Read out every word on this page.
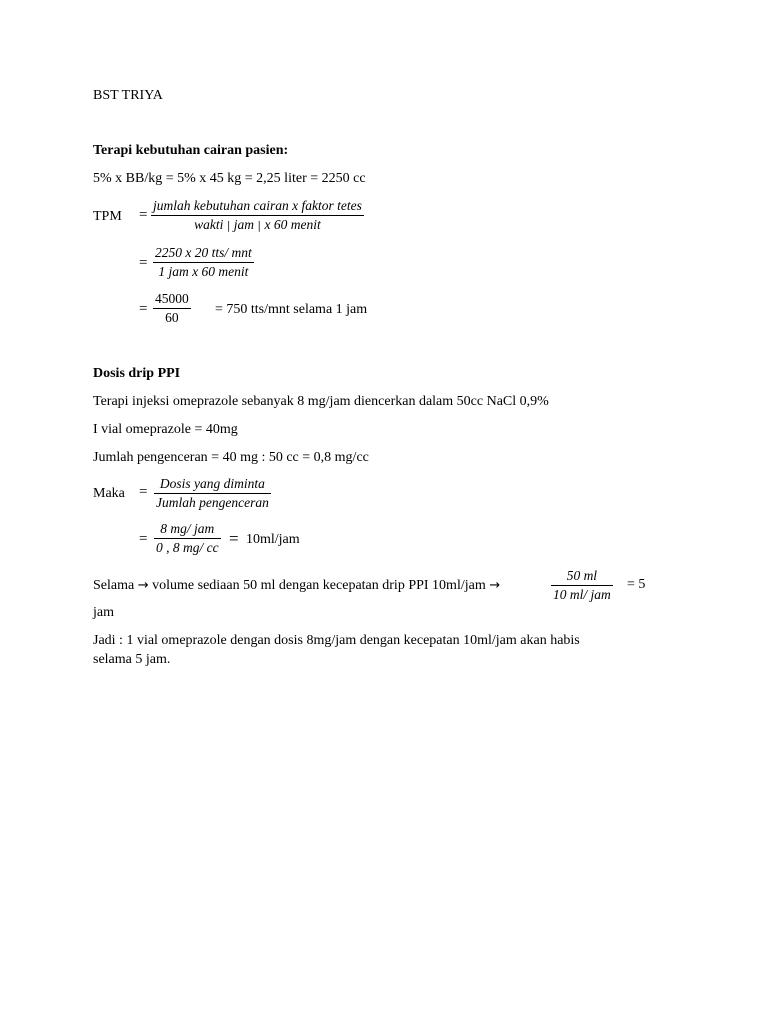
BST TRIYA
Terapi kebutuhan cairan pasien:
5% x BB/kg = 5% x 45 kg = 2,25 liter = 2250 cc
TPM =
jumlah kebutuhan cairan x faktor tetes
wakti | jam | x 60 menit
=
2250 x 20 tts/ mnt
1 jam x 60 menit
=
45000
60
= 750 tts/mnt selama 1 jam
Dosis drip PPI
Terapi injeksi omeprazole sebanyak 8 mg/jam diencerkan dalam 50cc NaCl 0,9%
I vial omeprazole = 40mg
Jumlah pengenceran = 40 mg : 50 cc = 0,8 mg/cc
Maka =
Dosis yang diminta
Jumlah pengenceran
=
8 mg/ jam
0 , 8 mg/ cc = 10ml/jam
Selama → volume sediaan 50 ml dengan kecepatan drip PPI 10ml/jam →
50 ml
10 ml/ jam
= 5
jam
Jadi : 1 vial omeprazole dengan dosis 8mg/jam dengan kecepatan 10ml/jam akan habis
selama 5 jam.
